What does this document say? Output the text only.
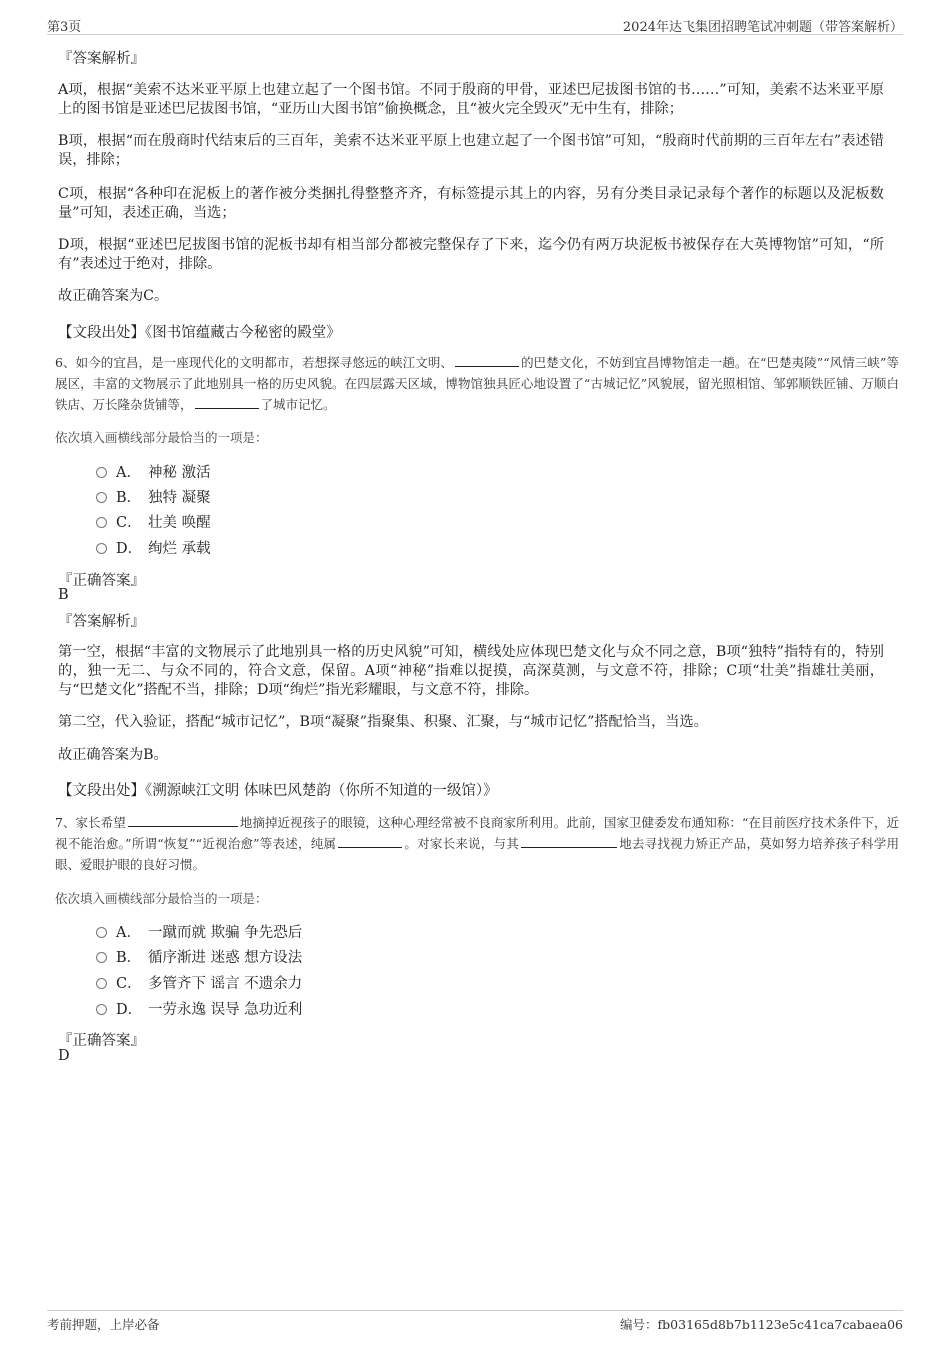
第3页	2024年达飞集团招聘笔试冲刺题（带答案解析）
『答案解析』
A项，根据“美索不达米亚平原上也建立起了一个图书馆。不同于殷商的甲骨，亚述巴尼拔图书馆的书……”可知，美索不达米亚平原上的图书馆是亚述巴尼拔图书馆，“亚历山大图书馆”偷换概念，且“被火完全毁灭”无中生有，排除；
B项，根据“而在殷商时代结束后的三百年，美索不达米亚平原上也建立起了一个图书馆”可知，“殷商时代前期的三百年左右”表述错误，排除；
C项，根据“各种印在泥板上的著作被分类捆扎得整整齐齐，有标签提示其上的内容，另有分类目录记录每个著作的标题以及泥板数量”可知，表述正确，当选；
D项，根据“亚述巴尼拔图书馆的泥板书却有相当部分都被完整保存了下来，迄今仍有两万块泥板书被保存在大英博物馆”可知，“所有”表述过于绝对，排除。
故正确答案为C。
【文段出处】《图书馆蕴藏古今秘密的殿堂》
6、如今的宜昌，是一座现代化的文明都市，若想探寻悠远的峡江文明、	的巴楚文化，不妨到宜昌博物馆走一趟。在“巴楚夷陵”“风情三峡”等展区，丰富的文物展示了此地别具一格的历史风貌。在四层露天区域，博物馆独具匠心地设置了“古城记忆”风貌展，留光照相馆、邹郭顺铁匠铺、万顺白铁店、万长隆杂货铺等，	了城市记忆。
依次填入画横线部分最恰当的一项是：
A． 神秘 激活
B． 独特 凝聚
C． 壮美 唤醒
D． 绚烂 承载
『正确答案』
B
『答案解析』
第一空，根据“丰富的文物展示了此地别具一格的历史风貌”可知，横线处应体现巴楚文化与众不同之意，B项“独特”指特有的，特别的，独一无二、与众不同的，符合文意，保留。A项“神秘”指难以捉摸，高深莫测，与文意不符，排除；C项“壮美”指雄壮美丽，与“巴楚文化”搭配不当，排除；D项“绚烂”指光彩耀眼，与文意不符，排除。
第二空，代入验证，搭配“城市记忆”，B项“凝聚”指聚集、积聚、汇聚，与“城市记忆”搭配恰当，当选。
故正确答案为B。
【文段出处】《溯源峡江文明 体味巴风楚韵（你所不知道的一级馆）》
7、家长希望	地摘掉近视孩子的眼镜，这种心理经常被不良商家所利用。此前，国家卫健委发布通知称：“在目前医疗技术条件下，近视不能治愈。”所谓“恢复”“近视治愈”等表述，纯属	。对家长来说，与其	地去寻找视力矫正产品，莫如努力培养孩子科学用眼、爱眼护眼的良好习惯。
依次填入画横线部分最恰当的一项是：
A． 一蹴而就 欺骗 争先恐后
B． 循序渐进 迷惑 想方设法
C． 多管齐下 谣言 不遗余力
D． 一劳永逸 误导 急功近利
『正确答案』
D
考前押题，上岸必备	编号：fb03165d8b7b1123e5c41ca7cabaea06
